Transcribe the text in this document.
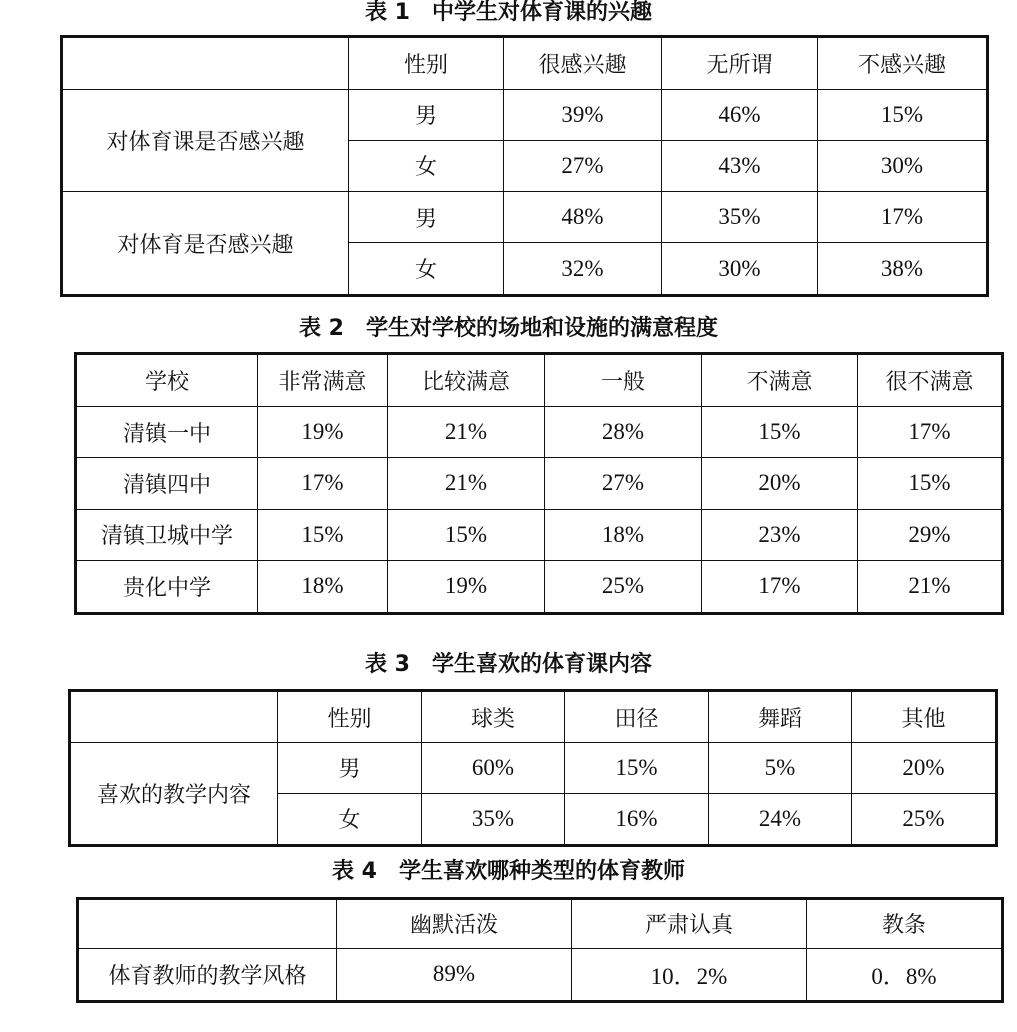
表 1　中学生对体育课的兴趣
	性别	很感兴趣	无所谓	不感兴趣
对体育课是否感兴趣	男	39%	46%	15%
	女	27%	43%	30%
对体育是否感兴趣	男	48%	35%	17%
	女	32%	30%	38%
表 2　学生对学校的场地和设施的满意程度
学校	非常满意	比较满意	一般	不满意	很不满意
清镇一中	19%	21%	28%	15%	17%
清镇四中	17%	21%	27%	20%	15%
清镇卫城中学	15%	15%	18%	23%	29%
贵化中学	18%	19%	25%	17%	21%
表 3　学生喜欢的体育课内容
	性别	球类	田径	舞蹈	其他
喜欢的教学内容	男	60%	15%	5%	20%
	女	35%	16%	24%	25%
表 4　学生喜欢哪种类型的体育教师
	幽默活泼	严肃认真	教条
体育教师的教学风格	89%	10．2%	0．8%
